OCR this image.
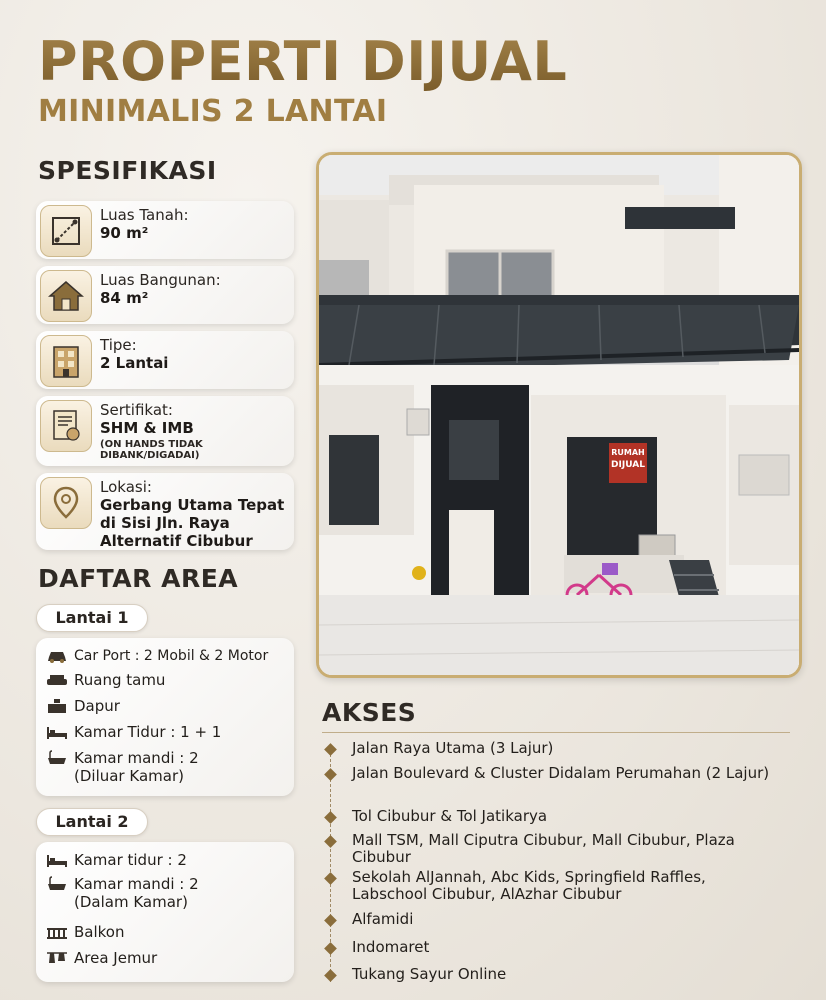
PROPERTI DIJUAL
MINIMALIS 2 LANTAI
SPESIFIKASI
Luas Tanah:
90 m²
Luas Bangunan:
84 m²
Tipe:
2 Lantai
Sertifikat:
SHM & IMB
(ON HANDS TIDAK DIBANK/DIGADAI)
Lokasi:
Gerbang Utama Tepat di Sisi Jln. Raya Alternatif Cibubur
DAFTAR AREA
Lantai 1
Car Port : 2 Mobil & 2 Motor
Ruang tamu
Dapur
Kamar Tidur : 1 + 1
Kamar mandi : 2 (Diluar Kamar)
Lantai 2
Kamar tidur : 2
Kamar mandi : 2 (Dalam Kamar)
Balkon
Area Jemur
RUMAH
DIJUAL
AKSES
Jalan Raya Utama (3 Lajur)
Jalan Boulevard & Cluster Didalam Perumahan (2 Lajur)
Tol Cibubur & Tol Jatikarya
Mall TSM, Mall Ciputra Cibubur, Mall Cibubur, Plaza Cibubur
Sekolah AlJannah, Abc Kids, Springfield Raffles, Labschool Cibubur, AlAzhar Cibubur
Alfamidi
Indomaret
Tukang Sayur Online
